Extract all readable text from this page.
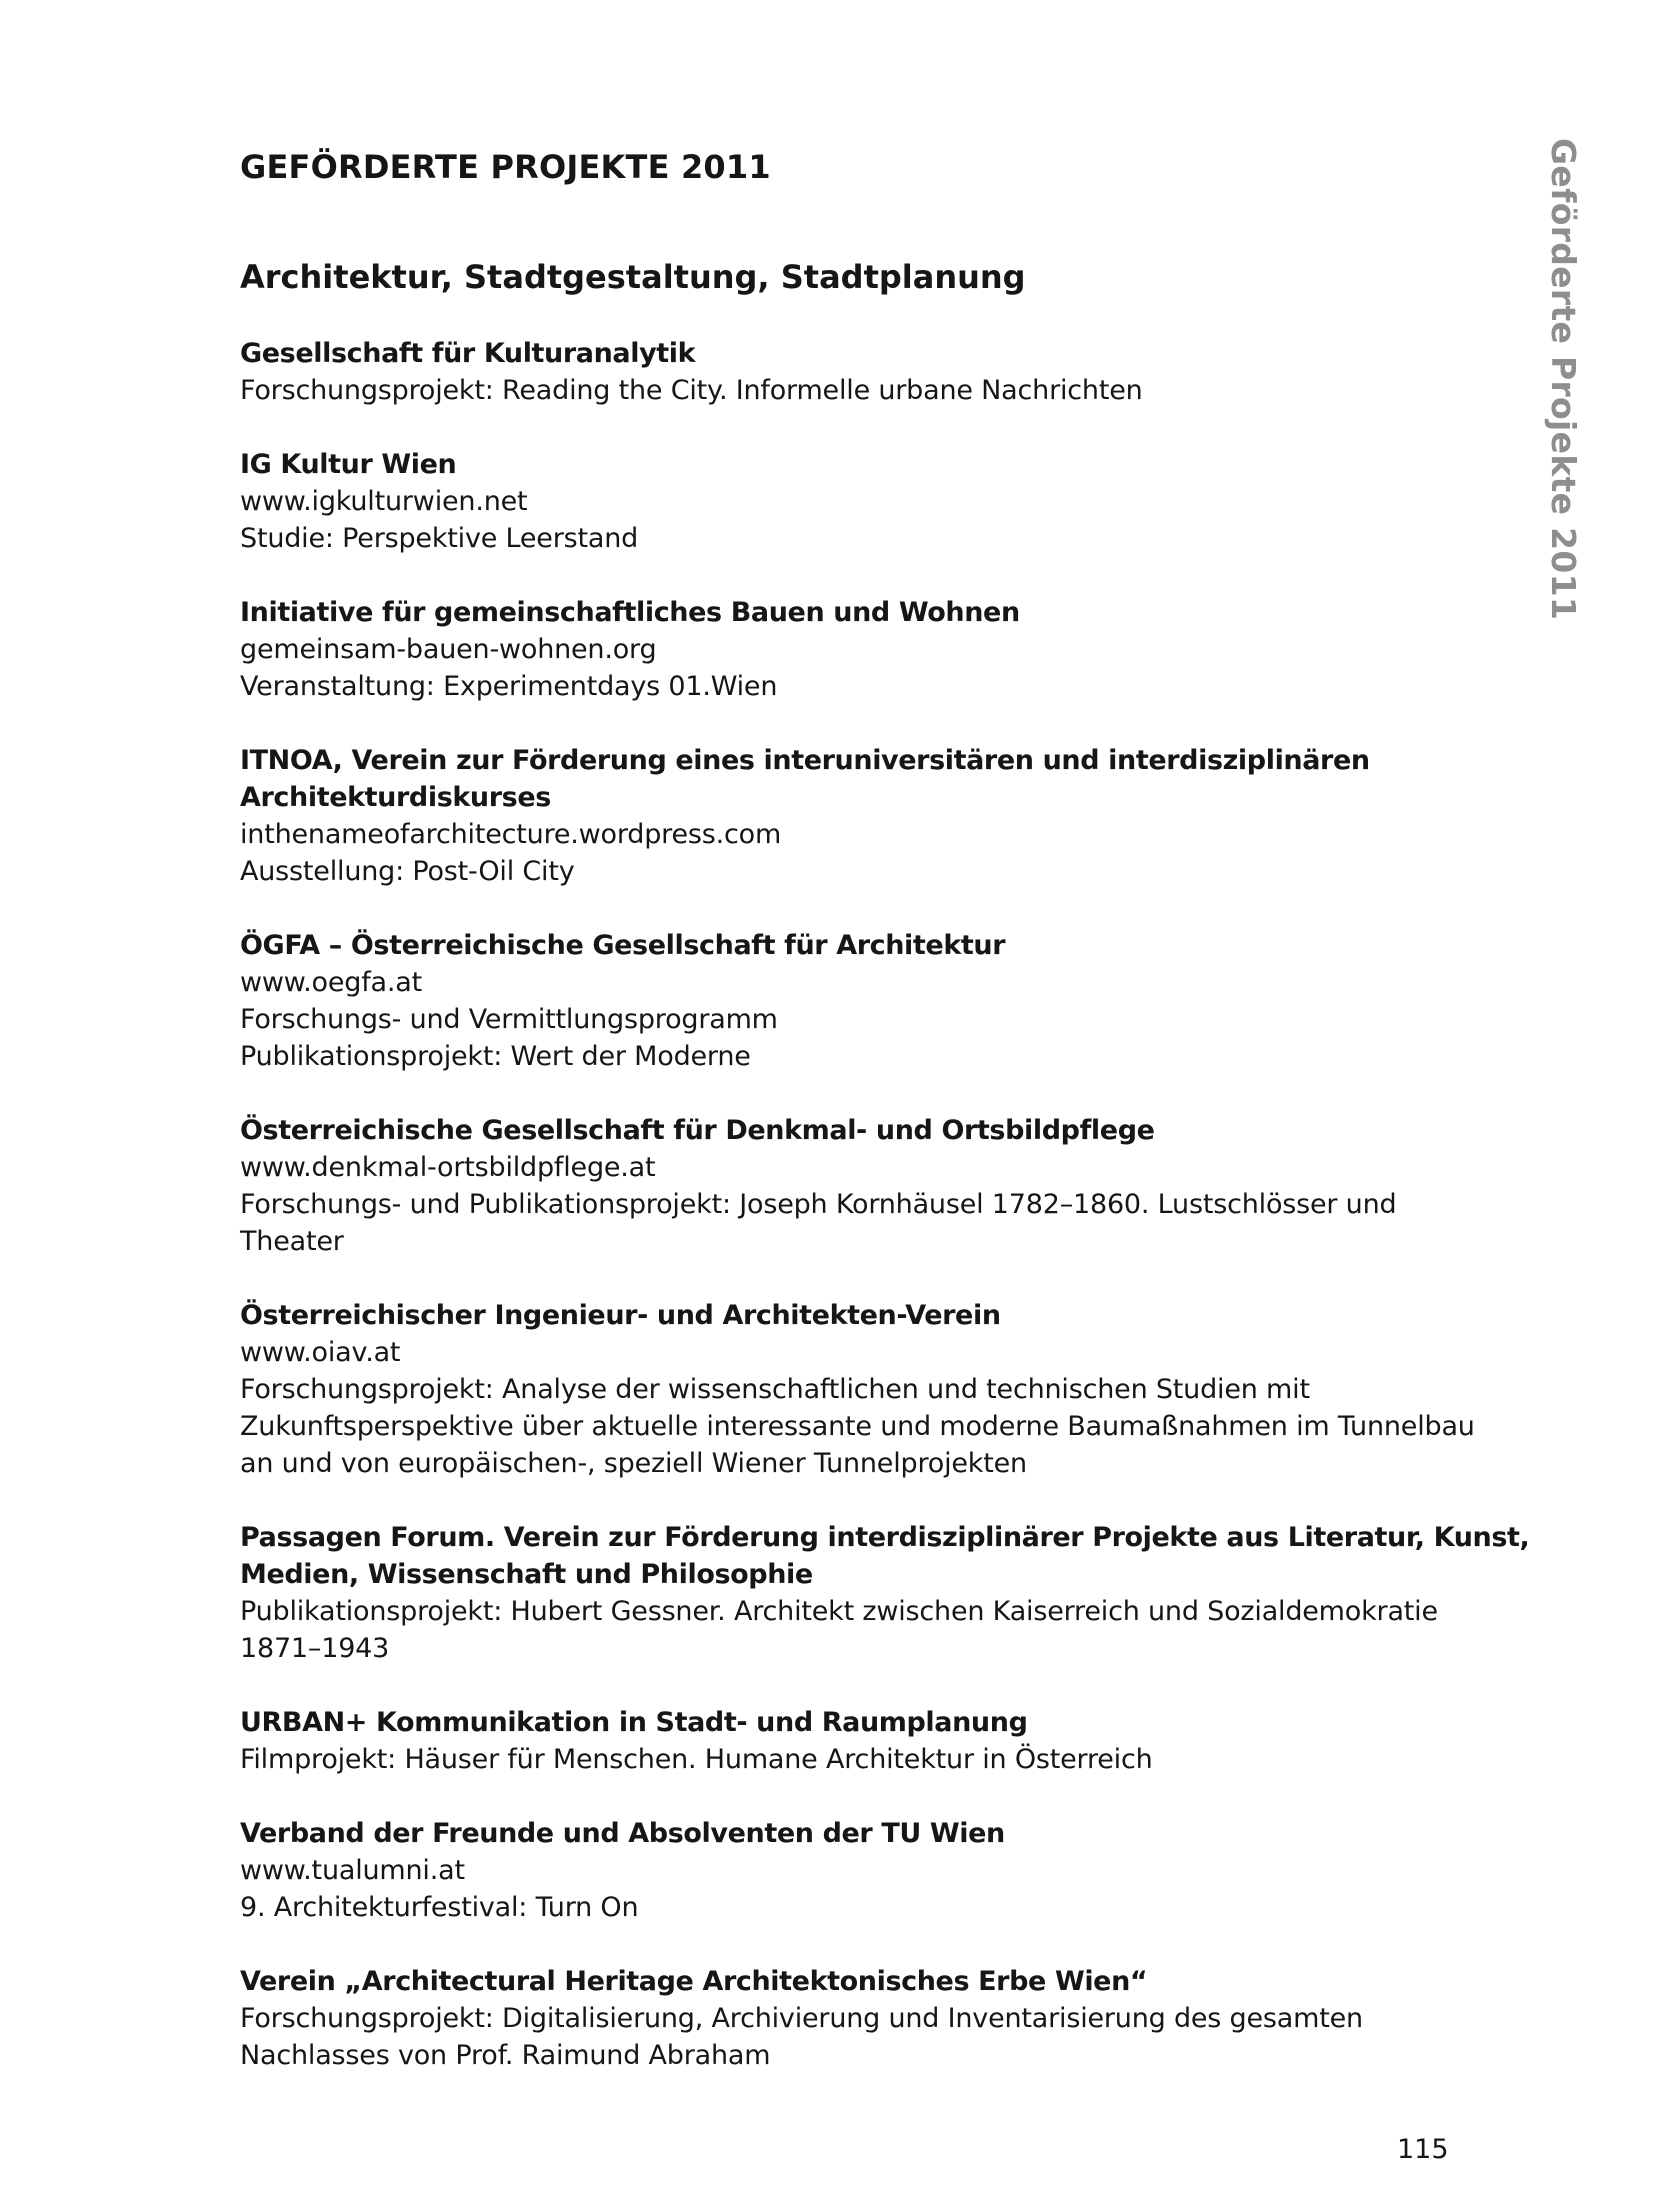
GEFÖRDERTE PROJEKTE 2011
Architektur, Stadtgestaltung, Stadtplanung
Gesellschaft für Kulturanalytik
Forschungsprojekt: Reading the City. Informelle urbane Nachrichten
IG Kultur Wien
www.igkulturwien.net
Studie: Perspektive Leerstand
Initiative für gemeinschaftliches Bauen und Wohnen
gemeinsam-bauen-wohnen.org
Veranstaltung: Experimentdays 01.Wien
ITNOA, Verein zur Förderung eines interuniversitären und interdisziplinären
Architekturdiskurses
inthenameofarchitecture.wordpress.com
Ausstellung: Post-Oil City
ÖGFA – Österreichische Gesellschaft für Architektur
www.oegfa.at
Forschungs- und Vermittlungsprogramm
Publikationsprojekt: Wert der Moderne
Österreichische Gesellschaft für Denkmal- und Ortsbildpflege
www.denkmal-ortsbildpflege.at
Forschungs- und Publikationsprojekt: Joseph Kornhäusel 1782–1860. Lustschlösser und
Theater
Österreichischer Ingenieur- und Architekten-Verein
www.oiav.at
Forschungsprojekt: Analyse der wissenschaftlichen und technischen Studien mit
Zukunftsperspektive über aktuelle interessante und moderne Baumaßnahmen im Tunnelbau
an und von europäischen-, speziell Wiener Tunnelprojekten
Passagen Forum. Verein zur Förderung interdisziplinärer Projekte aus Literatur, Kunst,
Medien, Wissenschaft und Philosophie
Publikationsprojekt: Hubert Gessner. Architekt zwischen Kaiserreich und Sozialdemokratie
1871–1943
URBAN+ Kommunikation in Stadt- und Raumplanung
Filmprojekt: Häuser für Menschen. Humane Architektur in Österreich
Verband der Freunde und Absolventen der TU Wien
www.tualumni.at
9. Architekturfestival: Turn On
Verein „Architectural Heritage Architektonisches Erbe Wien“
Forschungsprojekt: Digitalisierung, Archivierung und Inventarisierung des gesamten
Nachlasses von Prof. Raimund Abraham
Geförderte Projekte 2011
115
